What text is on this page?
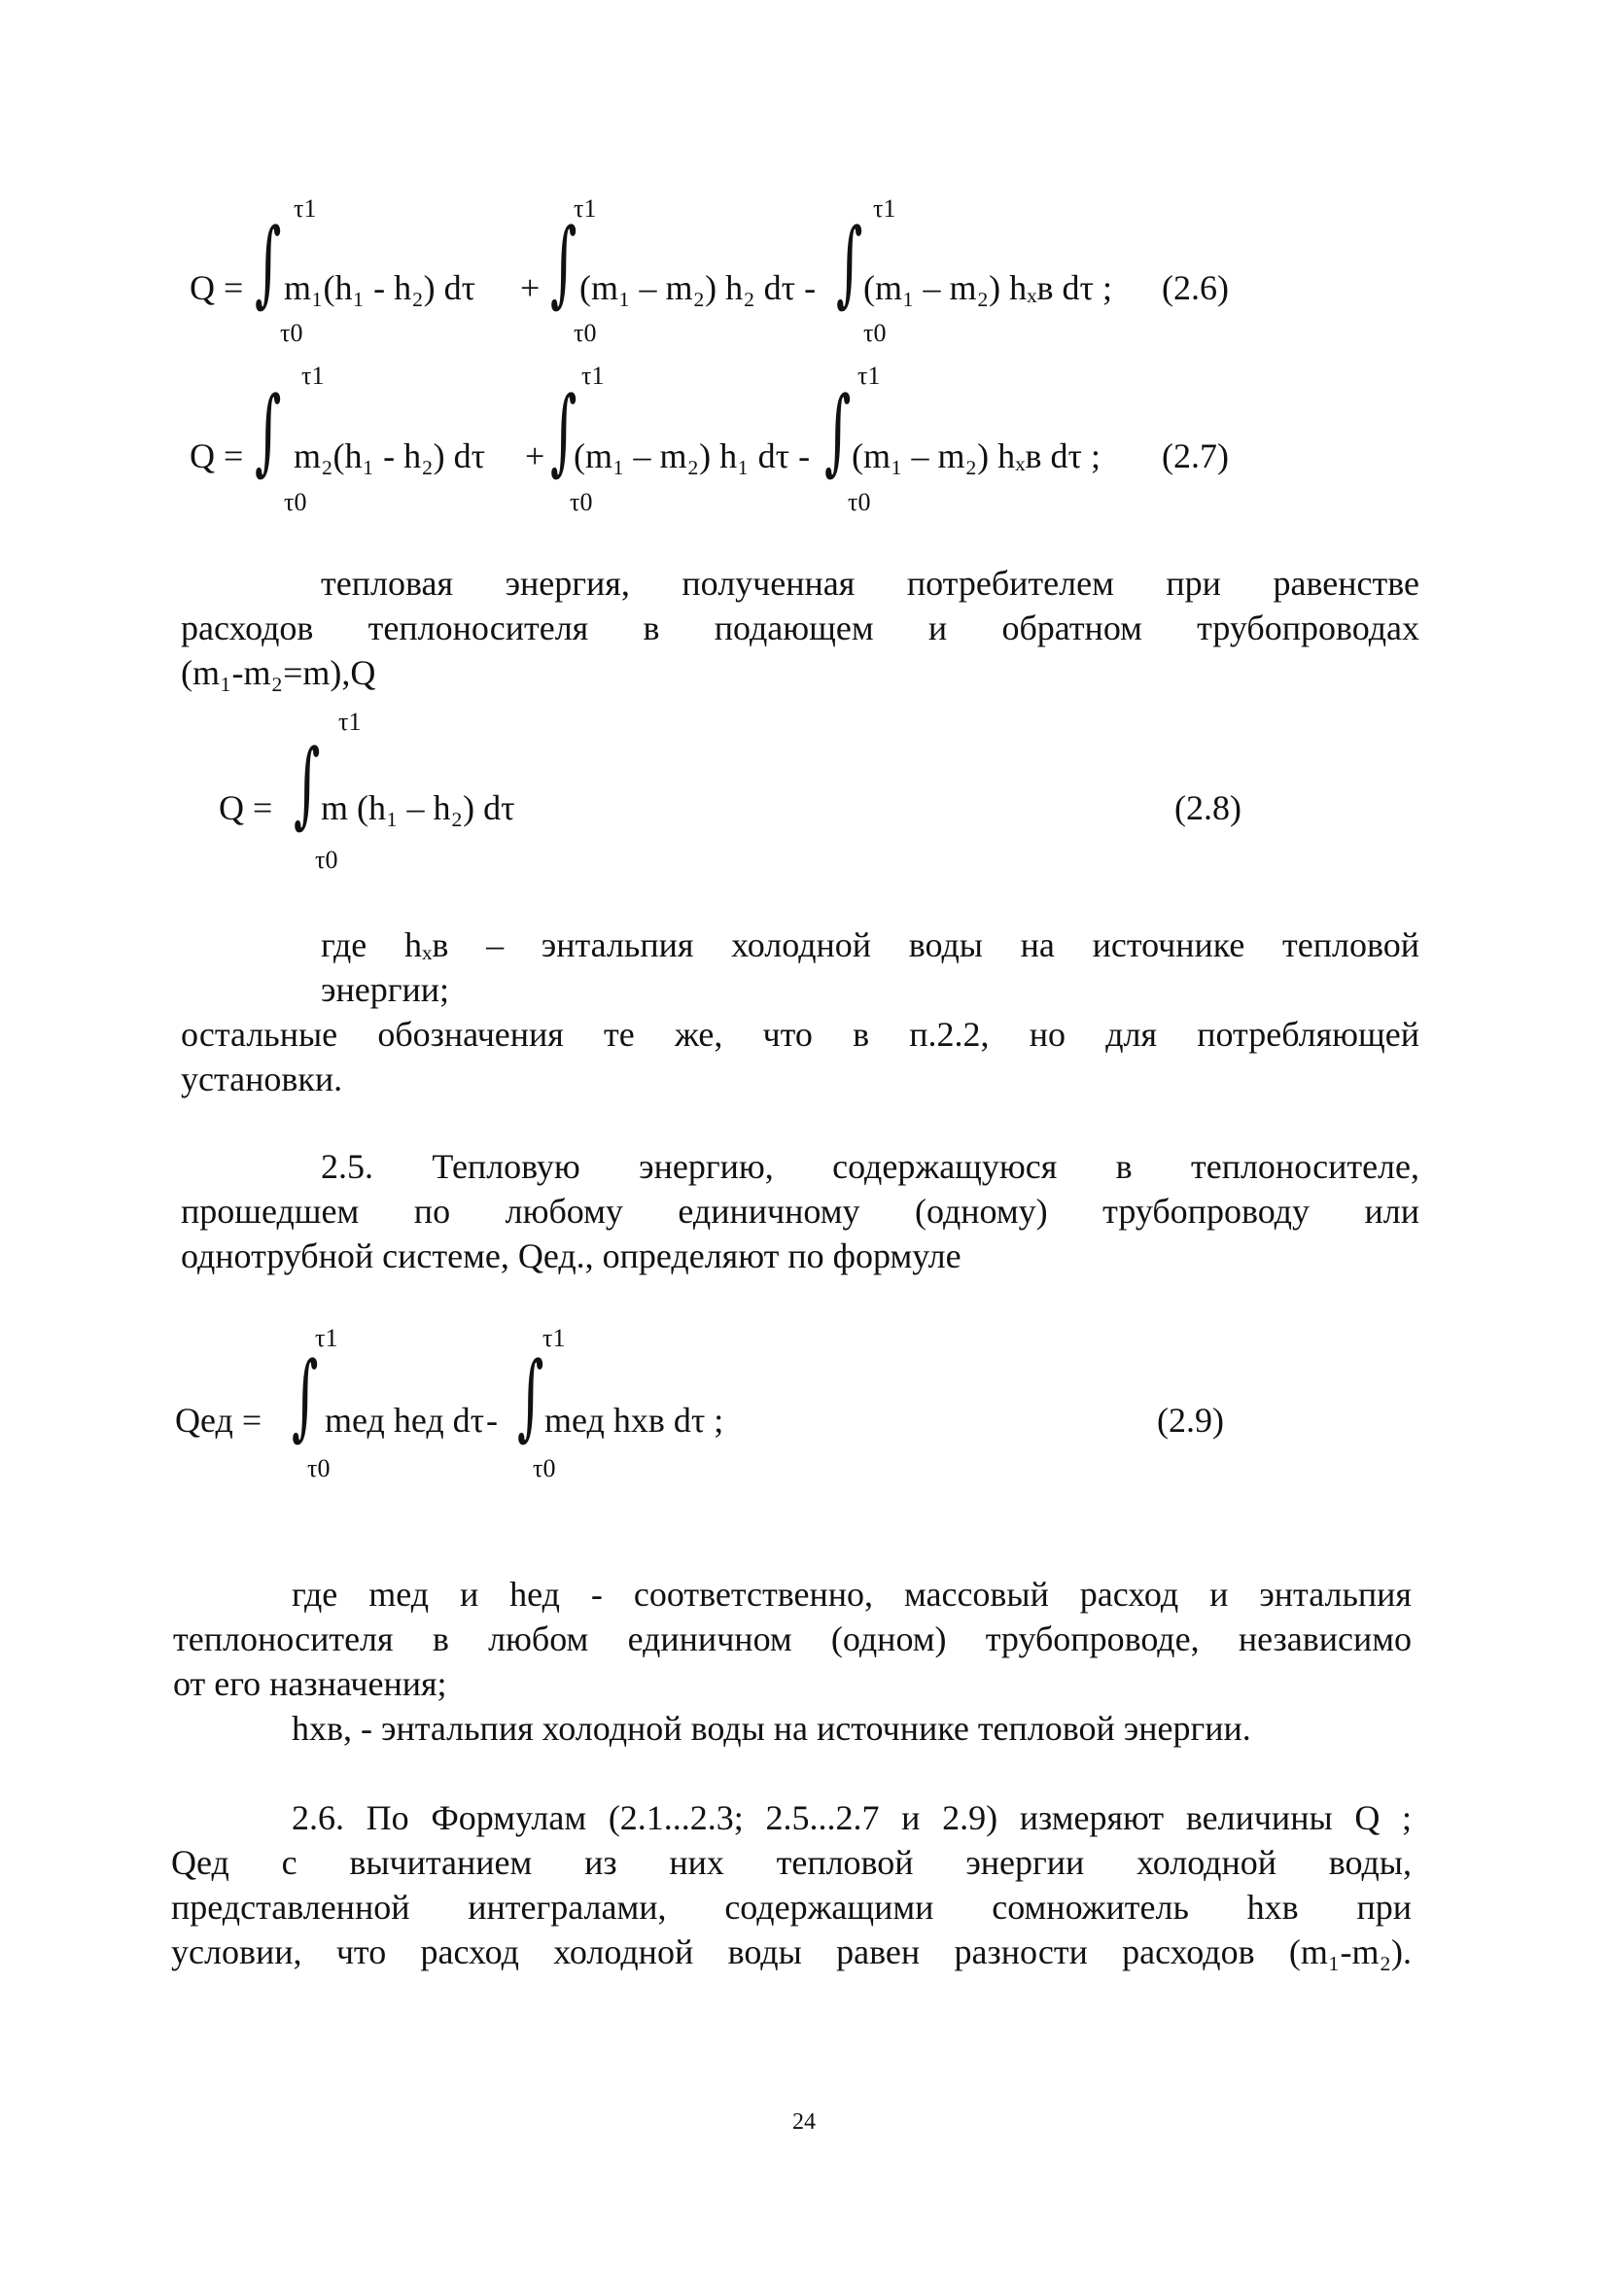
Q = ∫ τ1
τ0
m₁(h₁ - h₂) dτ + ∫
τ1
τ0
(m₁ – m₂) h₂ dτ - ∫ τ1
τ0
(m₁ – m₂) hₓв dτ ; (2.6)
Q = ∫
τ1
τ0
m₂(h₁ - h₂) dτ + ∫
τ1
τ0
(m₁ – m₂) h₁ dτ - ∫
τ1
τ0
(m₁ – m₂) hₓв dτ ; (2.7)
тепловая энергия, полученная потребителем при равенстве
расходов теплоносителя в подающем и обратном трубопроводах
(m₁-m₂=m),Q
Q = ∫
τ1
τ0
m (h₁ – h₂) dτ	(2.8)
где hₓв – энтальпия холодной воды на источнике тепловой
энергии;
остальные обозначения те же, что в п.2.2, но для потребляющей
установки.
2.5. Тепловую энергию, содержащуюся в теплоносителе,
прошедшем по любому единичному (одному) трубопроводу или
однотрубной системе, Qед., определяют по формуле
Qед = ∫
τ1
τ0
mед hед dτ - ∫
τ1
τ0
mед hхв dτ ;	(2.9)
где mед и hед - соответственно, массовый расход и энтальпия
теплоносителя в любом единичном (одном) трубопроводе, независимо
от его назначения;
hхв, - энтальпия холодной воды на источнике тепловой энергии.
2.6. По Формулам (2.1...2.3; 2.5...2.7 и 2.9) измеряют величины Q ;
Qед с вычитанием из них тепловой энергии холодной воды,
представленной интегралами, содержащими сомножитель hхв при
условии, что расход холодной воды равен разности расходов (m₁-m₂).
24
